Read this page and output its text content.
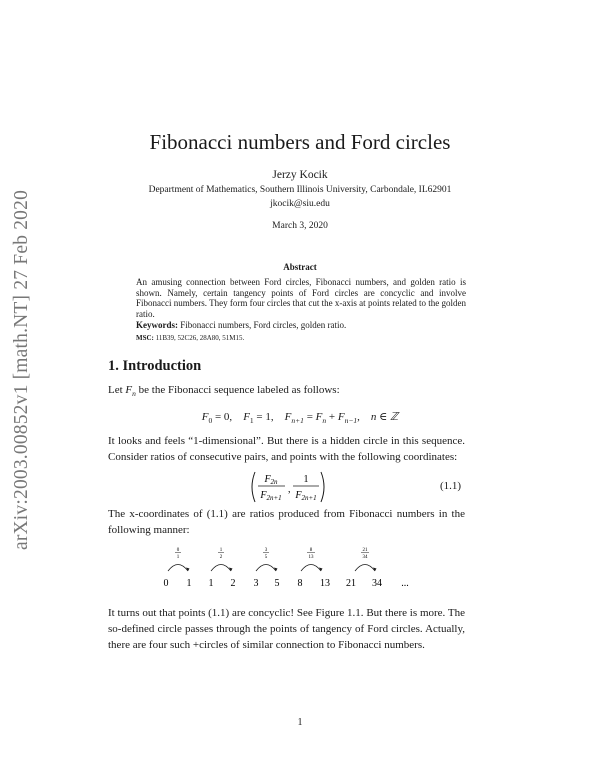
arXiv:2003.00852v1 [math.NT] 27 Feb 2020
Fibonacci numbers and Ford circles
Jerzy Kocik
Department of Mathematics, Southern Illinois University, Carbondale, IL62901
jkocik@siu.edu
March 3, 2020
Abstract
An amusing connection between Ford circles, Fibonacci numbers, and golden ratio is shown. Namely, certain tangency points of Ford circles are concyclic and involve Fibonacci numbers. They form four circles that cut the x-axis at points related to the golden ratio.
Keywords: Fibonacci numbers, Ford circles, golden ratio.
MSC: 11B39, 52C26, 28A80, 51M15.
1. Introduction
Let $F_n$ be the Fibonacci sequence labeled as follows:
$F_0 = 0$, $F_1 = 1$, $F_{n+1} = F_n + F_{n-1}$,    n ∈ ℤ
It looks and feels “1-dimensional”. But there is a hidden circle in this sequence. Consider ratios of consecutive pairs, and points with the following coordinates:
$F_{2n}$
$F_{2n+1}$
,
1
$F_{2n+1}$
(1.1)
The x-coordinates of (1.1) are ratios produced from Fibonacci numbers in the following manner:
0
1
1
2
3
5
8
13
21
34
0 1 1 2 3 5 8 13 21 34 ...
It turns out that points (1.1) are concyclic! See Figure 1.1. But there is more. The so-defined circle passes through the points of tangency of Ford circles. Actually, there are four such +circles of similar connection to Fibonacci numbers.
1
